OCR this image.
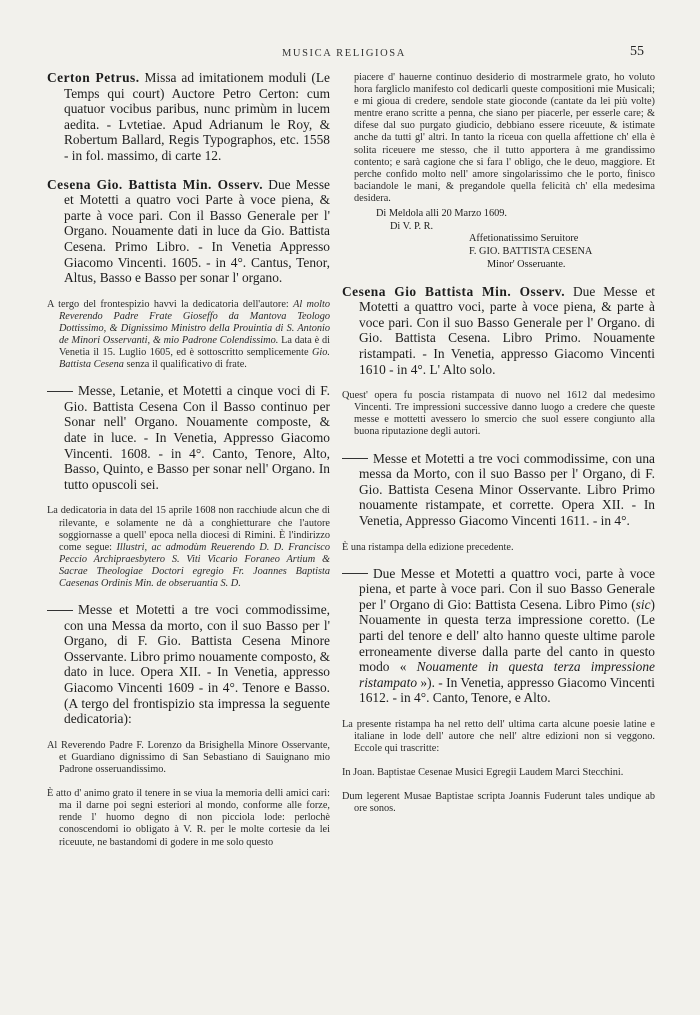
MUSICA RELIGIOSA	55

Certon Petrus. Missa ad imitationem moduli (Le Temps qui court) Auctore Petro Certon: cum quatuor vocibus paribus, nunc primùm in lucem aedita. - Lvtetiae. Apud Adrianum le Roy, & Robertum Ballard, Regis Typographos, etc. 1558 - in fol. massimo, di carte 12.

Cesena Gio. Battista Min. Osserv. Due Messe et Motetti a quatro voci Parte à voce piena, & parte à voce pari. Con il Basso Generale per l' Organo. Nouamente dati in luce da Gio. Battista Cesena. Primo Libro. - In Venetia Appresso Giacomo Vincenti. 1605. - in 4°. Cantus, Tenor, Altus, Basso e Basso per sonar l' organo.

A tergo del frontespizio havvi la dedicatoria dell'autore: Al molto Reverendo Padre Frate Gioseffo da Mantova Teologo Dottissimo, & Dignissimo Ministro della Prouintia di S. Antonio de Minori Osservanti, & mio Padrone Colendissimo. La data è di Venetia il 15. Luglio 1605, ed è sottoscritto semplicemente Gio. Battista Cesena senza il qualificativo di frate.

Messe, Letanie, et Motetti a cinque voci di F. Gio. Battista Cesena Con il Basso continuo per Sonar nell' Organo. Nouamente composte, & date in luce. - In Venetia, Appresso Giacomo Vincenti. 1608. - in 4°. Canto, Tenore, Alto, Basso, Quinto, e Basso per sonar nell' Organo. In tutto opuscoli sei.

La dedicatoria in data del 15 aprile 1608 non racchiude alcun che di rilevante, e solamente ne dà a conghietturare che l'autore soggiornasse a quell' epoca nella diocesi di Rimini. È l'indirizzo come segue: Illustri, ac admodùm Reuerendo D. D. Francisco Peccio Archipraesbytero S. Viti Vicario Foraneo Artium & Sacrae Theologiae Doctori egregio Fr. Joannes Baptista Caesenas Ordinis Min. de obseruantia S. D.

Messe et Motetti a tre voci commodissime, con una Messa da morto, con il suo Basso per l' Organo, di F. Gio. Battista Cesena Minore Osservante. Libro primo nouamente composto, & dato in luce. Opera XII. - In Venetia, appresso Giacomo Vincenti 1609 - in 4°. Tenore e Basso. (A tergo del frontispizio sta impressa la seguente dedicatoria):

Al Reverendo Padre F. Lorenzo da Brisighella Minore Osservante, et Guardiano dignissimo di San Sebastiano di Sauignano mio Padrone osseruandissimo.

È atto d' animo grato il tenere in se viua la memoria delli amici cari: ma il darne poi segni esteriori al mondo, conforme alle forze, rende l' huomo degno di non picciola lode: perlochè conoscendomi io obligato à V. R. per le molte cortesie da lei riceuute, ne bastandomi di godere in me solo questo

piacere d' hauerne continuo desiderio di mostrarmele grato, ho voluto hora fargliclo manifesto col dedicarli queste compositioni mie Musicali; e mi gioua di credere, sendole state gioconde (cantate da lei più volte) mentre erano scritte a penna, che siano per piacerle, per esserle care; & difese dal suo purgato giudicio, debbiano essere riceuute, & istimate anche da tutti gl' altri. In tanto la riceua con quella affettione ch' ella è solita riceuere me stesso, che il tutto apportera à me grandissimo contento; e sarà cagione che si fara l' obligo, che le deuo, maggiore. Et perche confido molto nell' amore singolarissimo che le porto, finisco baciandole le mani, & pregandole quella felicità ch' ella medesima desidera.

Di Meldola alli 20 Marzo 1609.
Di V. P. R.
Affetionatissimo Seruitore
F. GIO. BATTISTA CESENA
Minor' Osseruante.

Cesena Gio Battista Min. Osserv. Due Messe et Motetti a quattro voci, parte à voce piena, & parte à voce pari. Con il suo Basso Generale per l' Organo. di Gio. Battista Cesena. Libro Primo. Nouamente ristampati. - In Venetia, appresso Giacomo Vincenti 1610 - in 4°. L' Alto solo.

Quest' opera fu poscia ristampata di nuovo nel 1612 dal medesimo Vincenti. Tre impressioni successive danno luogo a credere che queste messe e mottetti avessero lo smercio che suol essere congiunto alla buona riputazione degli autori.

Messe et Motetti a tre voci commodissime, con una messa da Morto, con il suo Basso per l' Organo, di F. Gio. Battista Cesena Minor Osservante. Libro Primo nouamente ristampate, et corrette. Opera XII. - In Venetia, Appresso Giacomo Vincenti 1611. - in 4°.

È una ristampa della edizione precedente.

Due Messe et Motetti a quattro voci, parte à voce piena, et parte à voce pari. Con il suo Basso Generale per l' Organo di Gio: Battista Cesena. Libro Pimo (sic) Nouamente in questa terza impressione coretto. (Le parti del tenore e dell' alto hanno queste ultime parole erroneamente diverse dalla parte del canto in questo modo « Nouamente in questa terza impressione ristampato »). - In Venetia, appresso Giacomo Vincenti 1612. - in 4°. Canto, Tenore, e Alto.

La presente ristampa ha nel retto dell' ultima carta alcune poesie latine e italiane in lode dell' autore che nell' altre edizioni non si veggono. Eccole qui trascritte:

In Joan. Baptistae Cesenae Musici Egregii Laudem Marci Stecchini.

Dum legerent Musae Baptistae scripta Joannis Fuderunt tales undique ab ore sonos.
